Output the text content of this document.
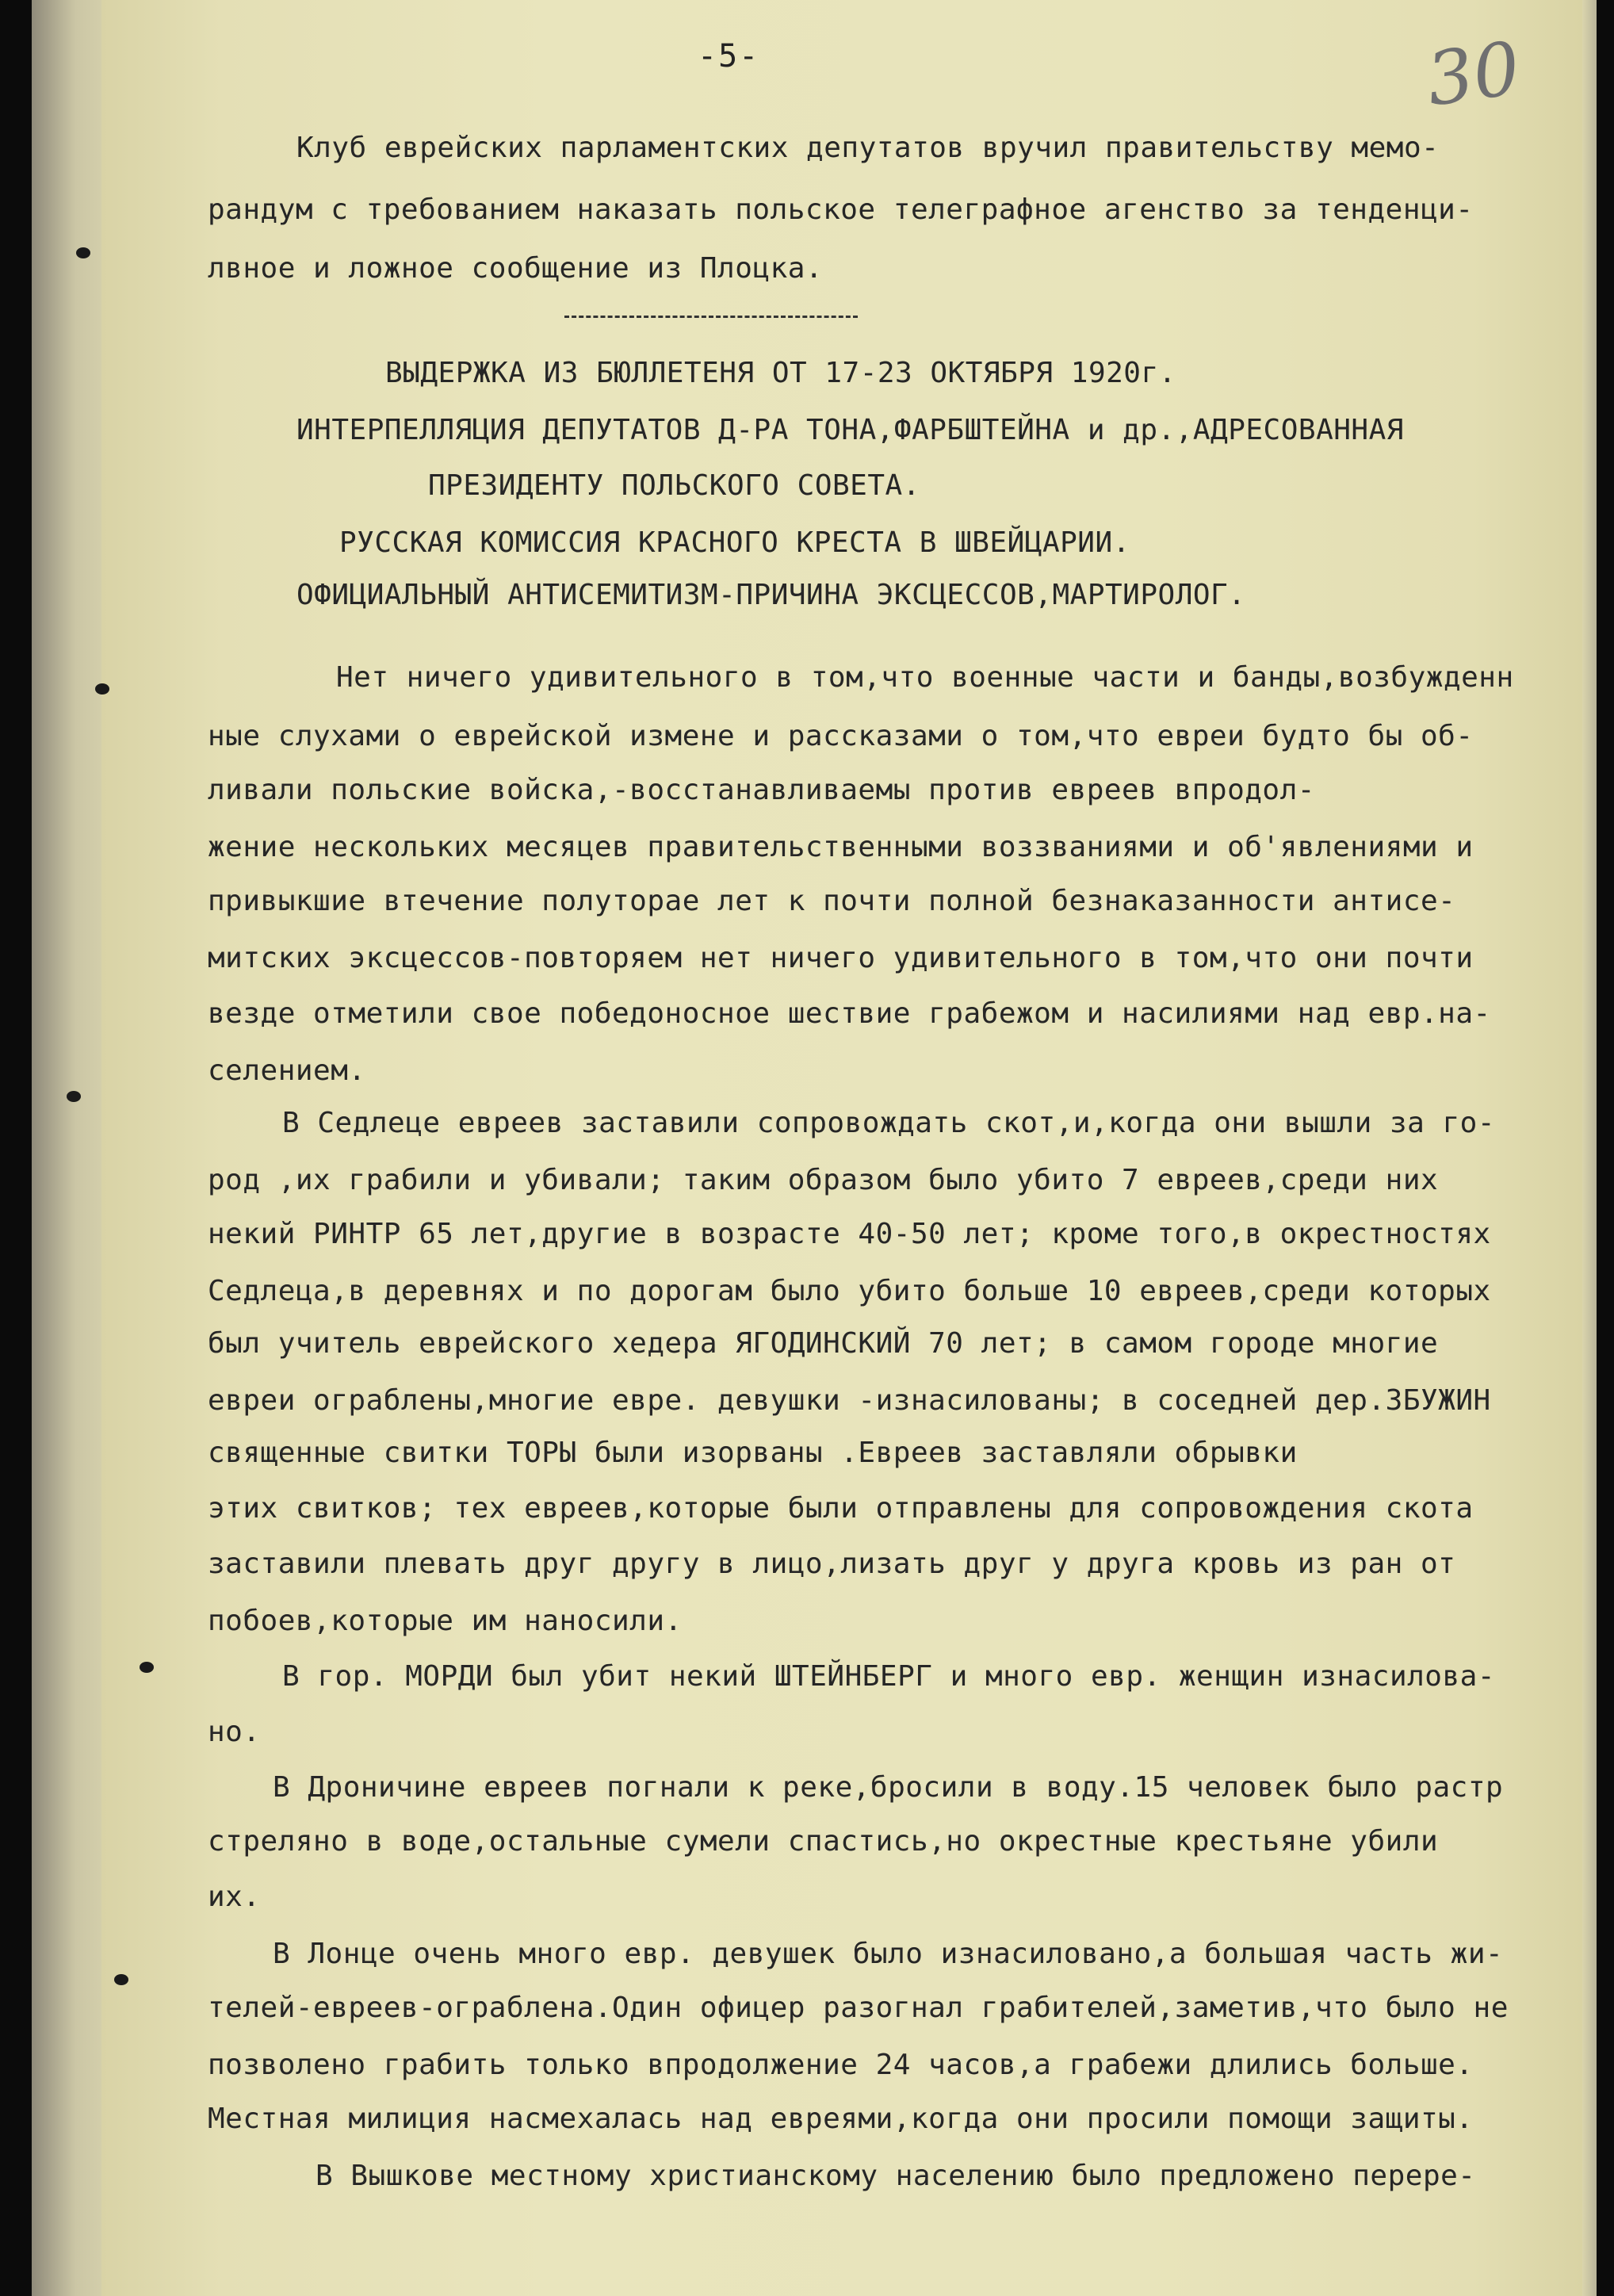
-5-	30
Клуб еврейских парламентских депутатов вручил правительству мемо-
рандум с требованием наказать польское телеграфное агенство за тенденци-
лвное и ложное сообщение из Плоцка.
ВЫДЕРЖКА ИЗ БЮЛЛЕТЕНЯ ОТ 17-23 ОКТЯБРЯ 1920г.
ИНТЕРПЕЛЛЯЦИЯ ДЕПУТАТОВ Д-РА ТОНА,ФАРБШТЕЙНА и др.,АДРЕСОВАННАЯ
ПРЕЗИДЕНТУ ПОЛЬСКОГО СОВЕТА.
РУССКАЯ КОМИССИЯ КРАСНОГО КРЕСТА В ШВЕЙЦАРИИ.
ОФИЦИАЛЬНЫЙ АНТИСЕМИТИЗМ-ПРИЧИНА ЭКСЦЕССОВ,МАРТИРОЛОГ.
Нет ничего удивительного в том,что военные части и банды,возбужденн
ные слухами о еврейской измене и рассказами о том,что евреи будто бы об-
ливали польские войска,-восстанавливаемы против евреев впродол-
жение нескольких месяцев правительственными воззваниями и об'явлениями и
привыкшие втечение полуторае лет к почти полной безнаказанности антисе-
митских эксцессов-повторяем нет ничего удивительного в том,что они почти
везде отметили свое победоносное шествие грабежом и насилиями над евр.на-
селением.
В Седлеце евреев заставили сопровождать скот,и,когда они вышли за го-
род ,их грабили и убивали; таким образом было убито 7 евреев,среди них
некий РИНТР 65 лет,другие в возрасте 40-50 лет; кроме того,в окрестностях
Седлеца,в деревнях и по дорогам было убито больше 10 евреев,среди которых
был учитель еврейского хедера ЯГОДИНСКИЙ 70 лет; в самом городе многие
евреи ограблены,многие евре. девушки -изнасилованы; в соседней дер.ЗБУЖИН
священные свитки ТОРЫ были изорваны .Евреев заставляли обрывки
этих свитков; тех евреев,которые были отправлены для сопровождения скота
заставили плевать друг другу в лицо,лизать друг у друга кровь из ран от
побоев,которые им наносили.
В гор. МОРДИ был убит некий ШТЕЙНБЕРГ и много евр. женщин изнасилова-
но.
В Дроничине евреев погнали к реке,бросили в воду.15 человек было растр
стреляно в воде,остальные сумели спастись,но окрестные крестьяне убили
их.
В Лонце очень много евр. девушек было изнасиловано,а большая часть жи-
телей-евреев-ограблена.Один офицер разогнал грабителей,заметив,что было не
позволено грабить только впродолжение 24 часов,а грабежи длились больше.
Местная милиция насмехалась над евреями,когда они просили помощи защиты.
В Вышкове местному христианскому населению было предложено перере-
